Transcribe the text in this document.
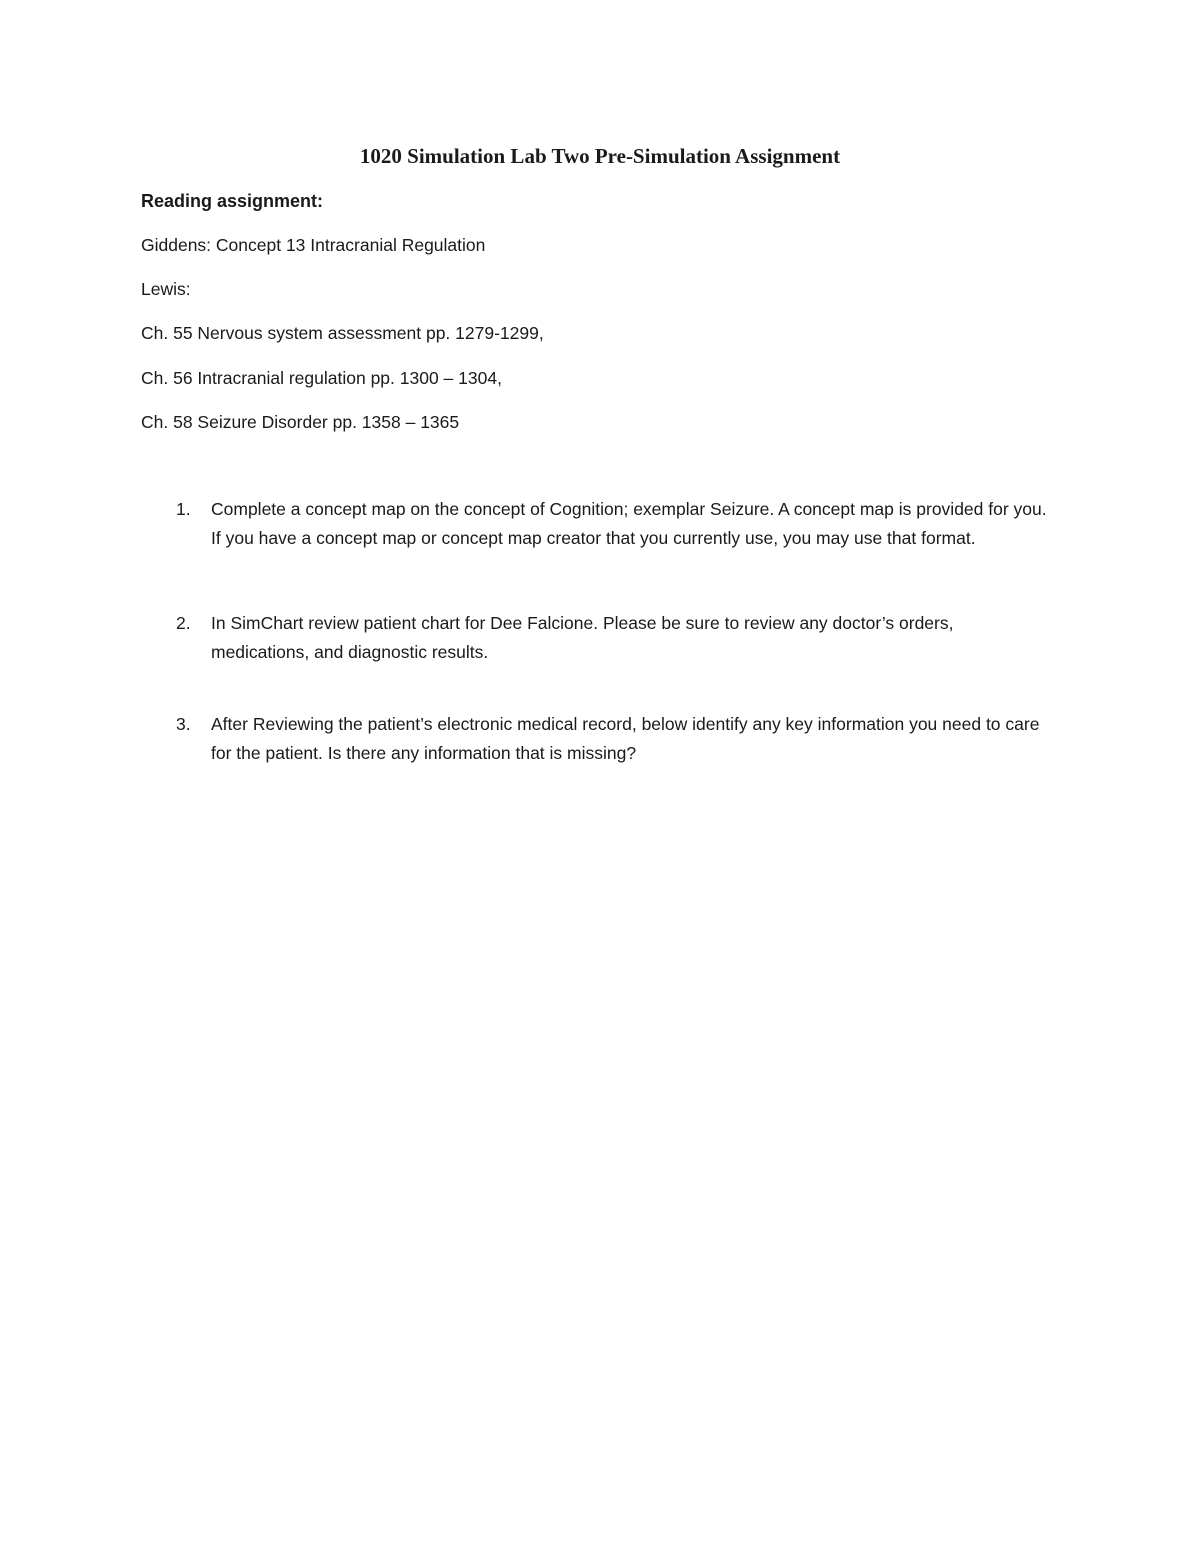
1020 Simulation Lab Two Pre-Simulation Assignment
Reading assignment:
Giddens: Concept 13 Intracranial Regulation
Lewis:
Ch. 55 Nervous system assessment pp. 1279-1299,
Ch. 56 Intracranial regulation pp. 1300 – 1304,
Ch. 58 Seizure Disorder pp. 1358 – 1365
1.	Complete a concept map on the concept of Cognition; exemplar Seizure. A concept map is provided for you. If you have a concept map or concept map creator that you currently use, you may use that format.
2.	In SimChart review patient chart for Dee Falcione. Please be sure to review any doctor’s orders, medications, and diagnostic results.
3.	After Reviewing the patient’s electronic medical record, below identify any key information you need to care for the patient. Is there any information that is missing?
